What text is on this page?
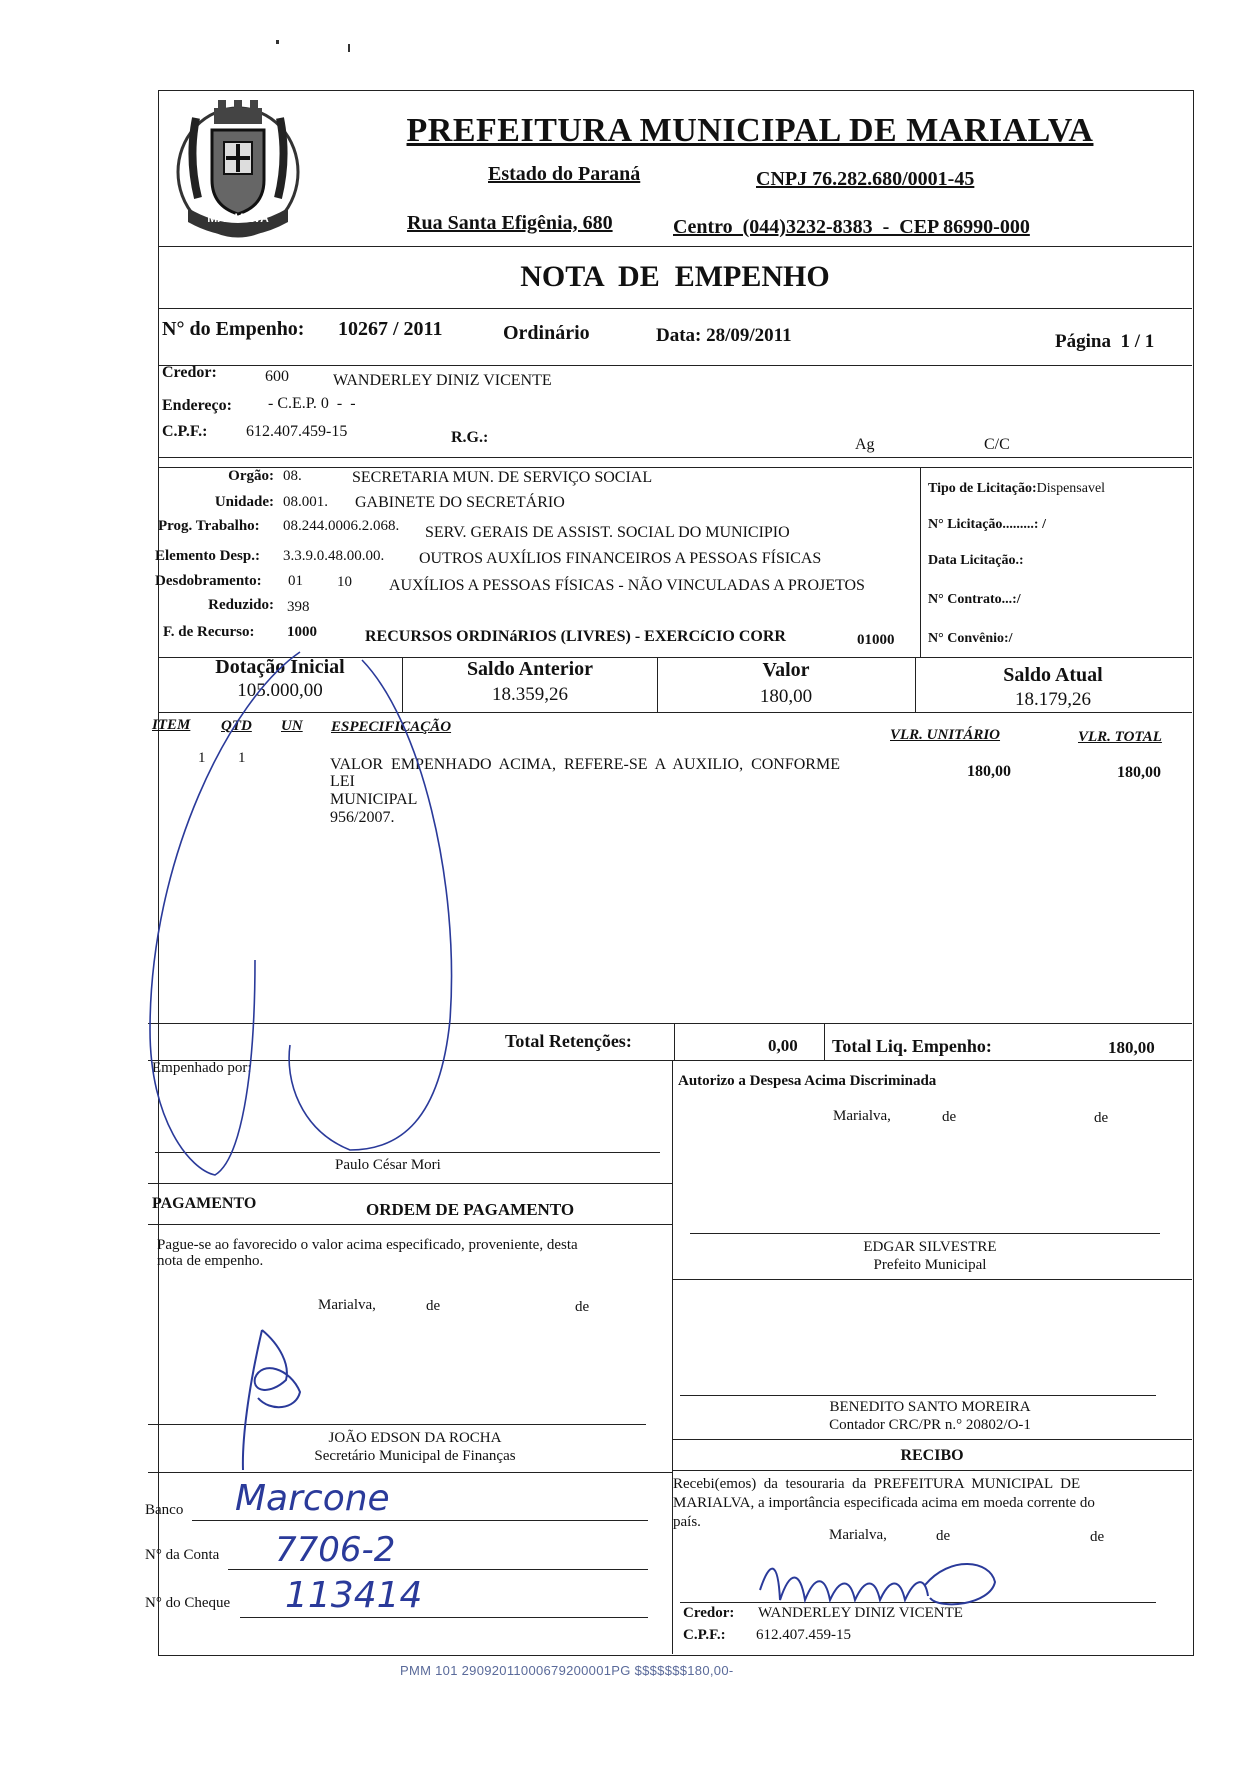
MARIALVA
PREFEITURA MUNICIPAL DE MARIALVA
Estado do Paraná	CNPJ 76.282.680/0001-45
Rua Santa Efigênia, 680	Centro  (044)3232-8383  -  CEP 86990-000
NOTA  DE  EMPENHO
N° do Empenho: 10267 / 2011	Ordinário	Data: 28/09/2011	Página  1 / 1
Credor:	600	WANDERLEY DINIZ VICENTE
Endereço: - C.E.P. 0  -  -
C.P.F.: 612.407.459-15	R.G.:	Ag	C/C
Orgão: 08.	SECRETARIA MUN. DE SERVIÇO SOCIAL
Unidade: 08.001. GABINETE DO SECRETÁRIO
Prog. Trabalho: 08.244.0006.2.068. SERV. GERAIS DE ASSIST. SOCIAL DO MUNICIPIO
Elemento Desp.: 3.3.9.0.48.00.00. OUTROS AUXÍLIOS FINANCEIROS A PESSOAS FÍSICAS
Desdobramento: 01 10 AUXÍLIOS A PESSOAS FÍSICAS - NÃO VINCULADAS A PROJETOS
Reduzido: 398
F. de Recurso: 1000	RECURSOS ORDINáRIOS (LIVRES) - EXERCíCIO CORR	01000
Tipo de Licitação:Dispensavel
N° Licitação.........: /
Data Licitação.:
N° Contrato...:/
N° Convênio:/
Dotação Inicial
105.000,00
Saldo Anterior
18.359,26
Valor
180,00
Saldo Atual
18.179,26
ITEM QTD UN ESPECIFICAÇÃO	VLR. UNITÁRIO	VLR. TOTAL
1 1	VALOR  EMPENHADO  ACIMA,  REFERE-SE  A  AUXILIO,  CONFORME
LEI MUNICIPAL 956/2007.
180,00	180,00
Total Retenções:	0,00 Total Liq. Empenho:	180,00
Empenhado por:
Paulo César Mori
PAGAMENTO	ORDEM DE PAGAMENTO
Pague-se ao favorecido o valor acima especificado, proveniente, desta
nota de empenho.
Marialva,	de	de
JOÃO EDSON DA ROCHA
Secretário Municipal de Finanças
Banco Marcone
N° da Conta 7706-2
N° do Cheque 113414
Autorizo a Despesa Acima Discriminada
Marialva,	de	de
EDGAR SILVESTRE
Prefeito Municipal
BENEDITO SANTO MOREIRA
Contador CRC/PR n.° 20802/O-1
RECIBO
Recebi(emos)  da  tesouraria  da  PREFEITURA  MUNICIPAL  DE
MARIALVA, a importância especificada acima em moeda corrente do
país.
Marialva,	de	de
Credor: WANDERLEY DINIZ VICENTE
C.P.F.: 612.407.459-15
PMM 101 29092011000679200001PG $$$$$$$180,00-
